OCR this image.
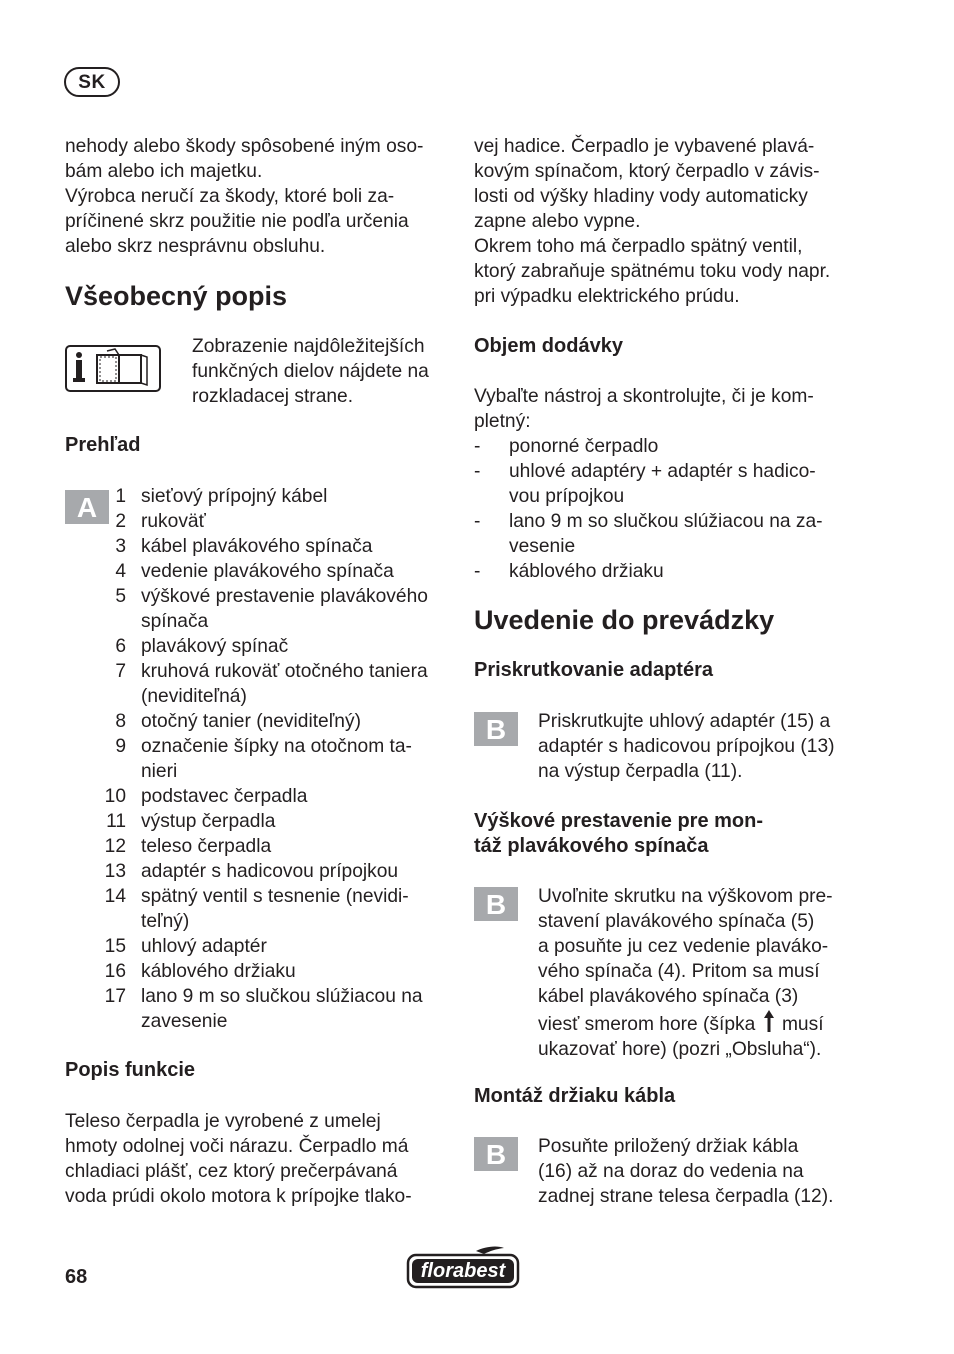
SK

nehody alebo škody spôsobené iným oso-

bám alebo ich majetku.

Výrobca neručí za škody, ktoré boli za-

príčinené skrz použitie nie podľa určenia

alebo skrz nesprávnu obsluhu.

Všeobecný popis

Zobrazenie najdôležitejších

funkčných dielov nájdete na

rozkladacej strane.

Prehľad
A 1 sieťový prípojný kábel
2 rukoväť
3 kábel plavákového spínača
4 vedenie plavákového spínača
5 výškové prestavenie plavákového
spínača
6 plavákový spínač
7 kruhová rukoväť otočného taniera
(neviditeľná)
8 otočný tanier (neviditeľný)
9 označenie šípky na otočnom ta-
nieri
10 podstavec čerpadla
11 výstup čerpadla
12 teleso čerpadla
13 adaptér s hadicovou prípojkou
14 spätný ventil s tesnenie (nevidi-
teľný)
15 uhlový adaptér
16 káblového držiaku
17 lano 9 m so slučkou slúžiacou na
zavesenie
Popis funkcie

Teleso čerpadla je vyrobené z umelej

hmoty odolnej voči nárazu. Čerpadlo má

chladiaci plášť, cez ktorý prečerpávaná

voda prúdi okolo motora k prípojke tlako-

vej hadice. Čerpadlo je vybavené plavá-

kovým spínačom, ktorý čerpadlo v závis-

losti od výšky hladiny vody automaticky

zapne alebo vypne.

Okrem toho má čerpadlo spätný ventil,

ktorý zabraňuje spätnému toku vody napr.

pri výpadku elektrického prúdu.

Objem dodávky

Vybaľte nástroj a skontrolujte, či je kom-

pletný:

-	ponorné čerpadlo
-	uhlové adaptéry + adaptér s hadico-
vou prípojkou
-	lano 9 m so slučkou slúžiacou na za-
vesenie
-	káblového držiaku
Uvedenie do prevádzky
Priskrutkovanie adaptéra
B	Priskrutkujte uhlový adaptér (15) a

adaptér s hadicovou prípojkou (13)

na výstup čerpadla (11).

Výškové prestavenie pre mon-
táž plavákového spínača
B	Uvoľnite skrutku na výškovom pre-

stavení plavákového spínača (5)

a posuňte ju cez vedenie plaváko-

vého spínača (4). Pritom sa musí

kábel plavákového spínača (3)

viesť smerom hore (šípka musí

ukazovať hore) (pozri „Obsluha“).

Montáž držiaku kábla
B	Posuňte priložený držiak kábla

(16) až na doraz do vedenia na

zadnej strane telesa čerpadla (12).

68	florabest
